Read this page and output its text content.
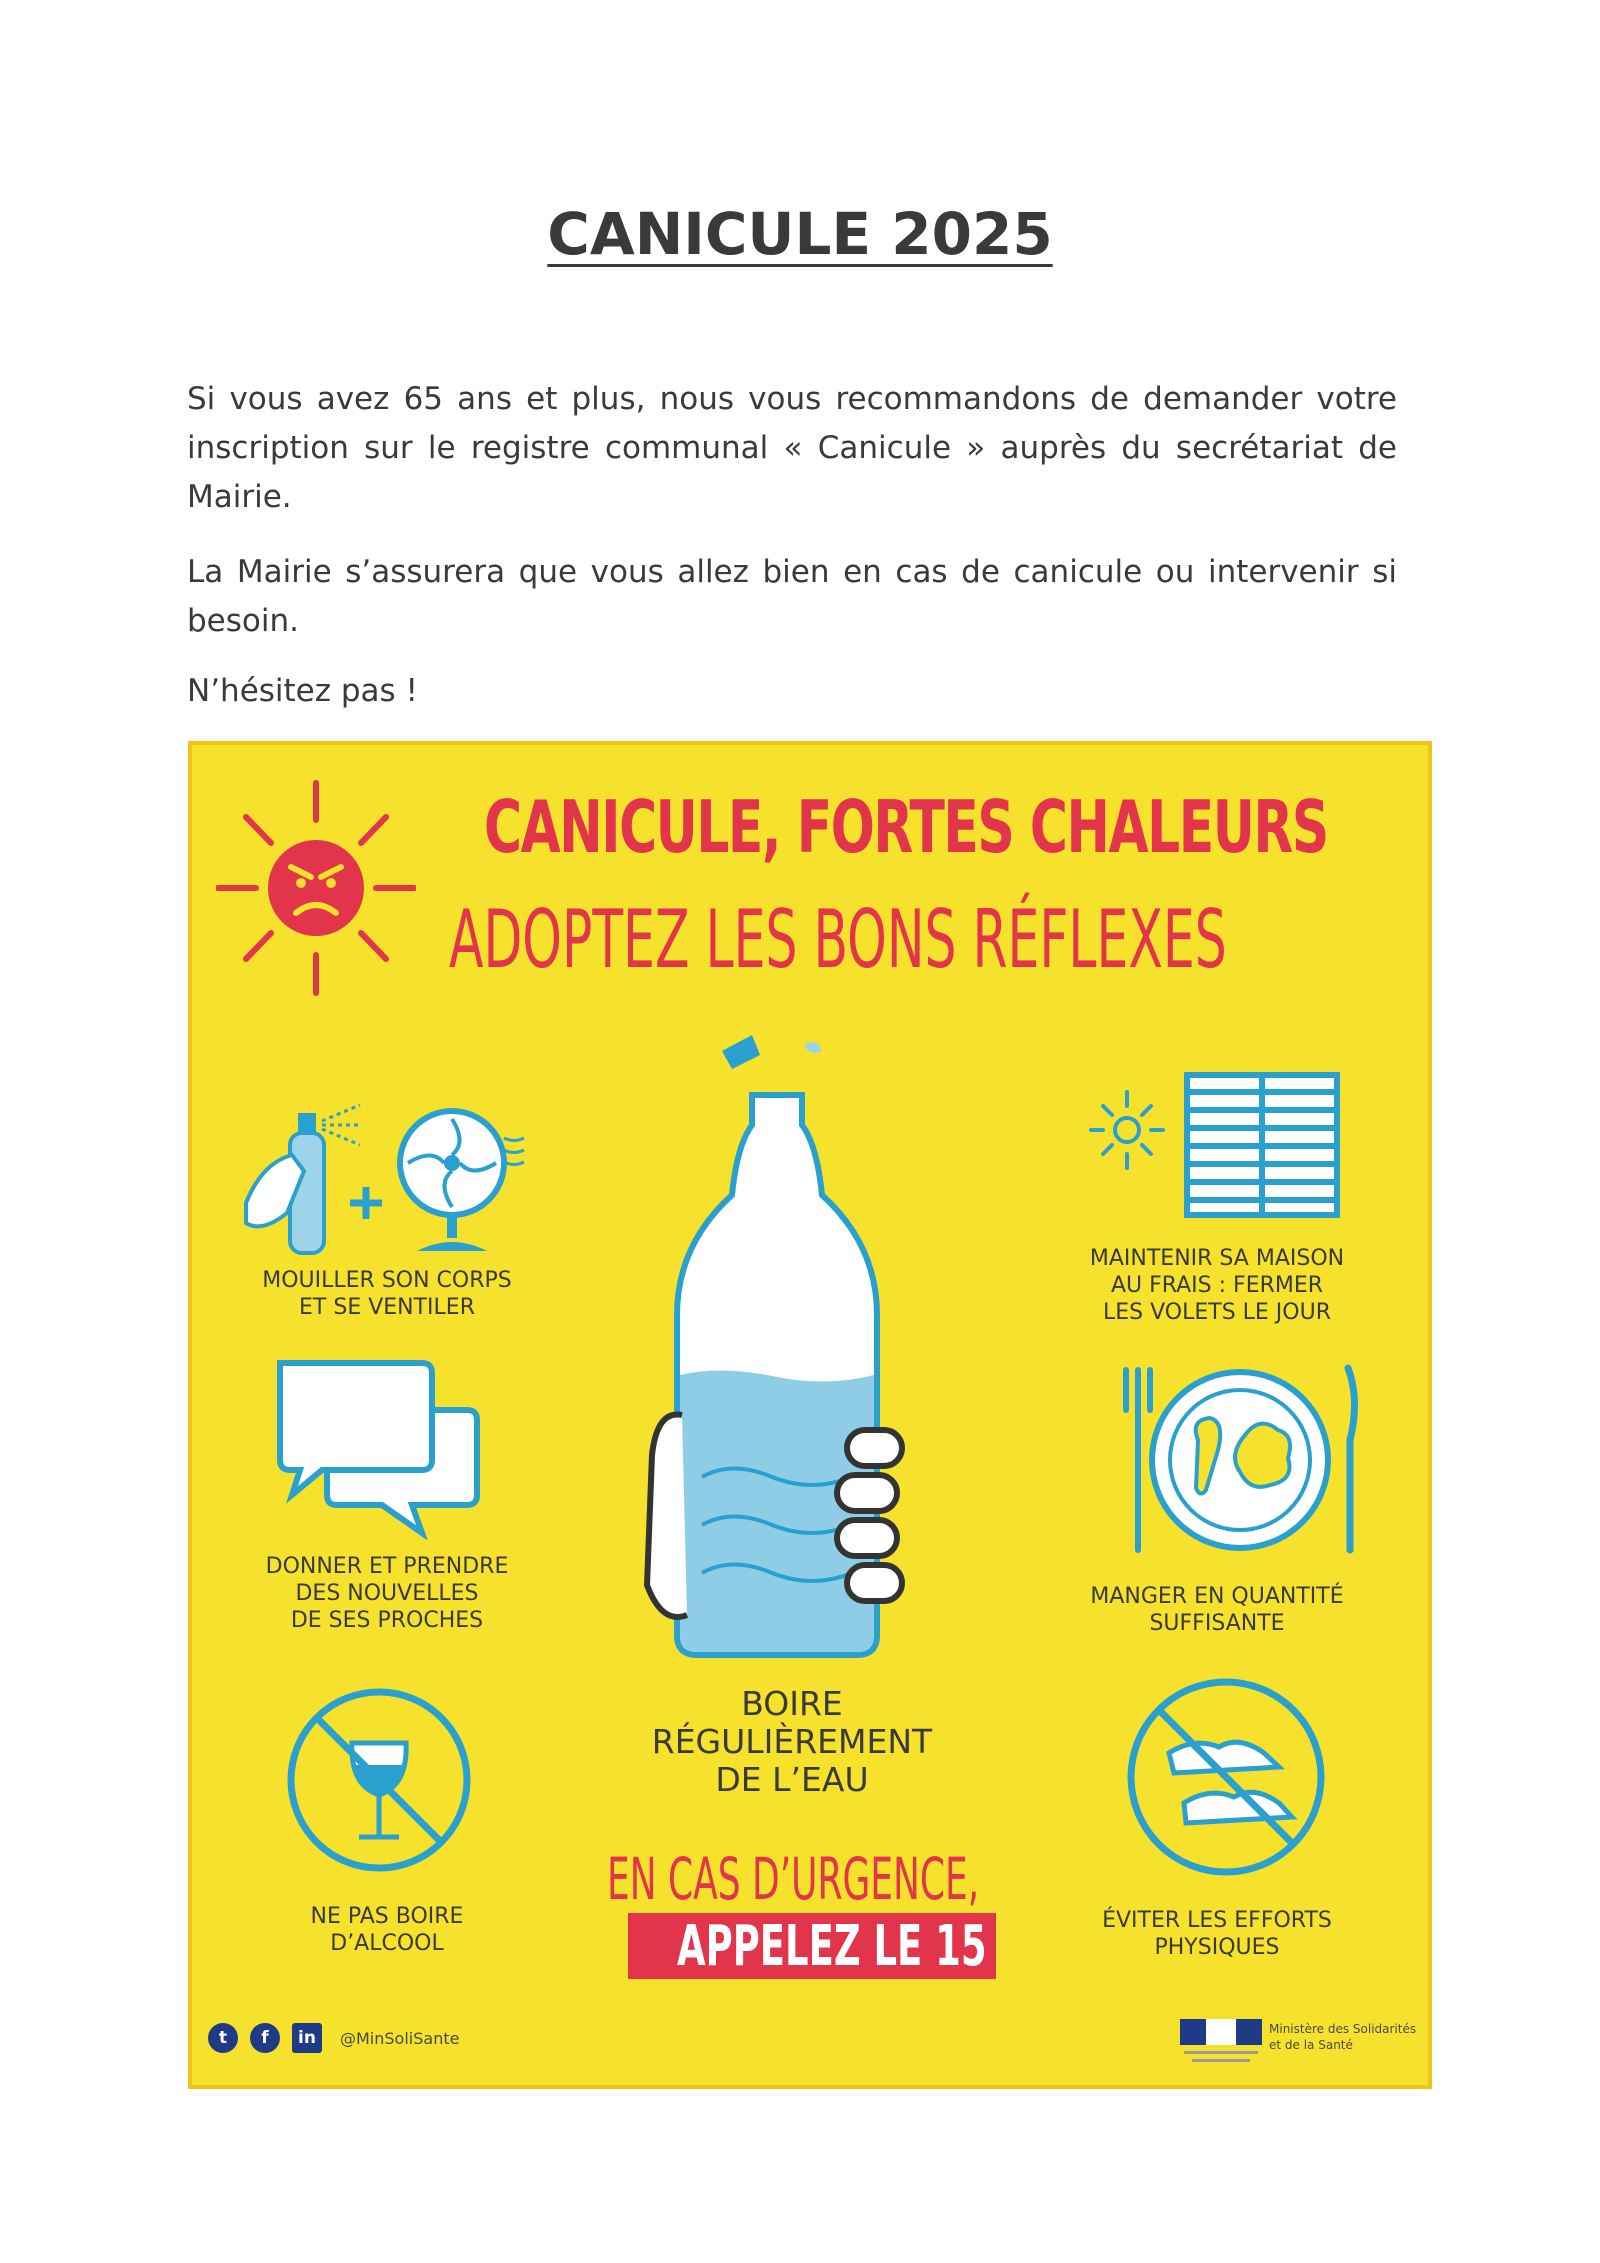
CANICULE 2025
Si vous avez 65 ans et plus, nous vous recommandons de demander votre inscription sur le registre communal « Canicule » auprès du secrétariat de Mairie.
La Mairie s’assurera que vous allez bien en cas de canicule ou intervenir si besoin.
N’hésitez pas !
CANICULE, FORTES CHALEURS
ADOPTEZ LES BONS RÉFLEXES
MOUILLER SON CORPS
ET SE VENTILER
MAINTENIR SA MAISON
AU FRAIS : FERMER
LES VOLETS LE JOUR
DONNER ET PRENDRE
DES NOUVELLES
DE SES PROCHES
MANGER EN QUANTITÉ
SUFFISANTE
NE PAS BOIRE
D’ALCOOL
ÉVITER LES EFFORTS
PHYSIQUES
BOIRE
RÉGULIÈREMENT
DE L’EAU
EN CAS D’URGENCE,
APPELEZ LE 15
t	f	in	@MinSoliSante	Ministère des Solidarités
et de la Santé
